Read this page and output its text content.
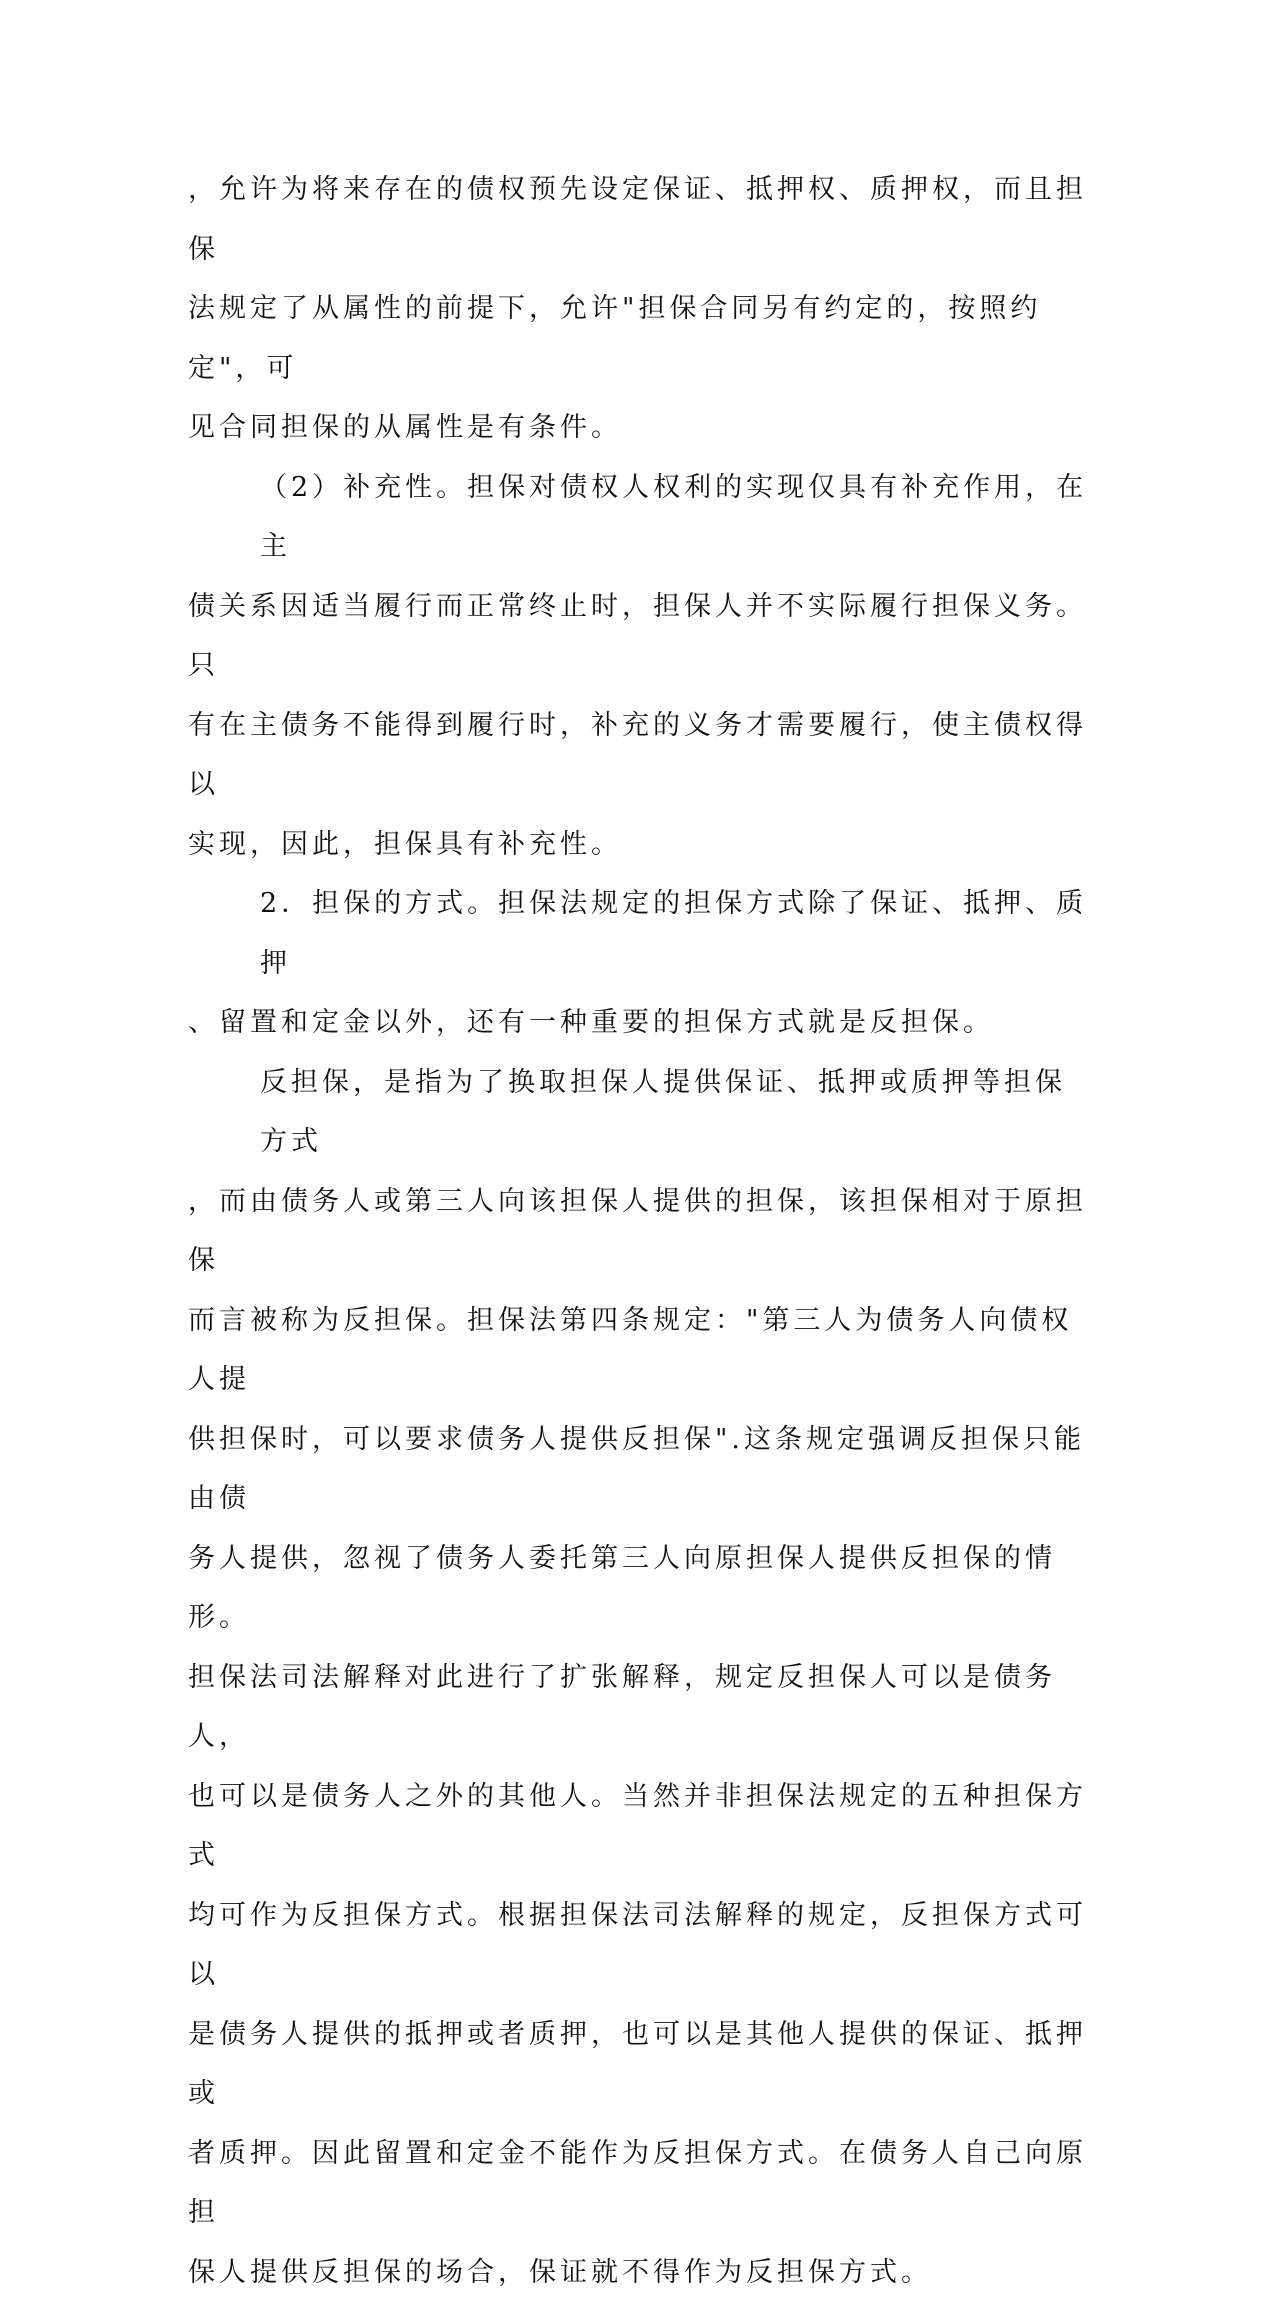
，允许为将来存在的债权预先设定保证、抵押权、质押权，而且担保
法规定了从属性的前提下，允许"担保合同另有约定的，按照约定"，可
见合同担保的从属性是有条件。

（2）补充性。担保对债权人权利的实现仅具有补充作用，在主
债关系因适当履行而正常终止时，担保人并不实际履行担保义务。只
有在主债务不能得到履行时，补充的义务才需要履行，使主债权得以
实现，因此，担保具有补充性。

2．担保的方式。担保法规定的担保方式除了保证、抵押、质押
、留置和定金以外，还有一种重要的担保方式就是反担保。

反担保，是指为了换取担保人提供保证、抵押或质押等担保方式
，而由债务人或第三人向该担保人提供的担保，该担保相对于原担保
而言被称为反担保。担保法第四条规定："第三人为债务人向债权人提
供担保时，可以要求债务人提供反担保".这条规定强调反担保只能由债
务人提供，忽视了债务人委托第三人向原担保人提供反担保的情形。
担保法司法解释对此进行了扩张解释，规定反担保人可以是债务人，
也可以是债务人之外的其他人。当然并非担保法规定的五种担保方式
均可作为反担保方式。根据担保法司法解释的规定，反担保方式可以
是债务人提供的抵押或者质押，也可以是其他人提供的保证、抵押或
者质押。因此留置和定金不能作为反担保方式。在债务人自己向原担
保人提供反担保的场合，保证就不得作为反担保方式。
